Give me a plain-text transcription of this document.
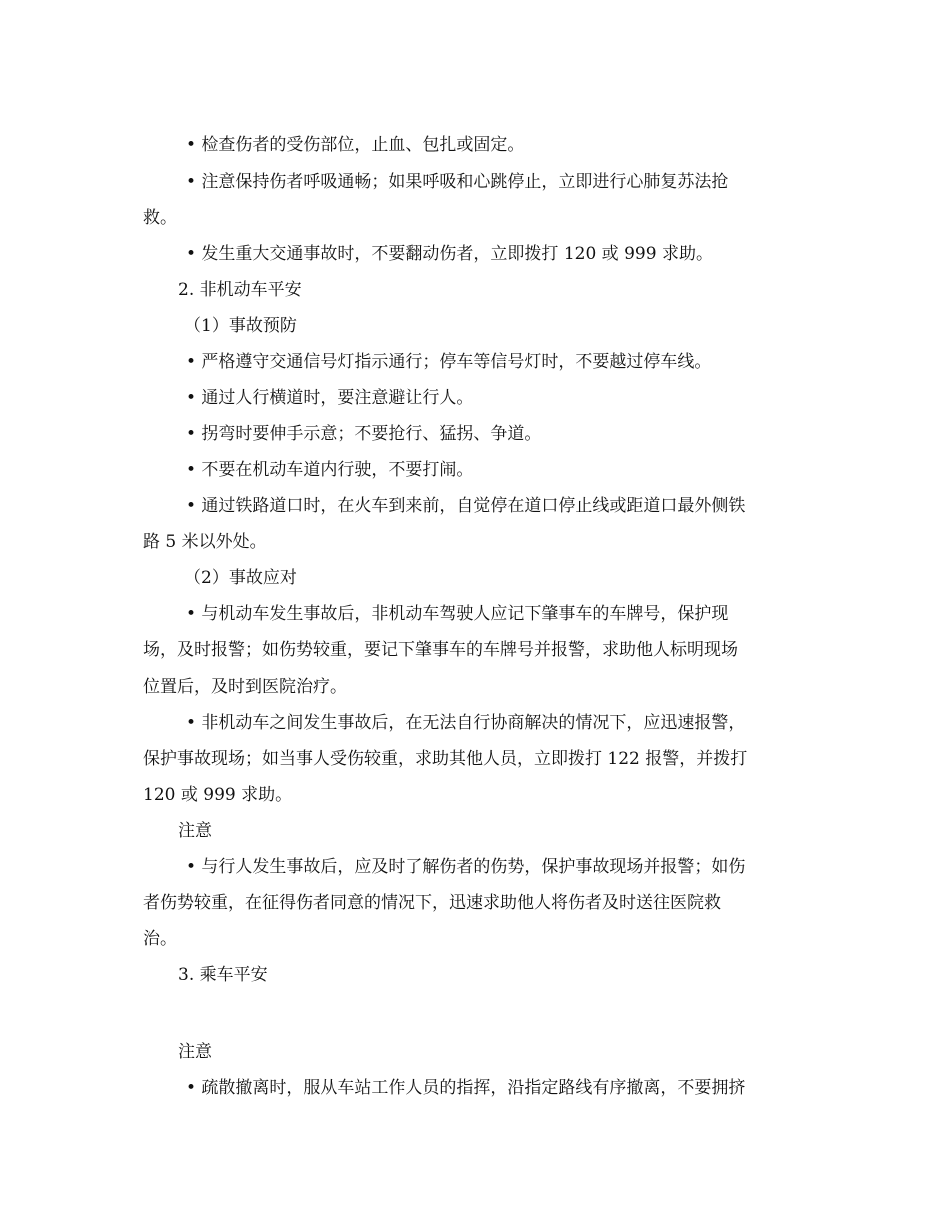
• 检查伤者的受伤部位，止血、包扎或固定。
• 注意保持伤者呼吸通畅；如果呼吸和心跳停止，立即进行心肺复苏法抢
救。
• 发生重大交通事故时，不要翻动伤者，立即拨打 120 或 999 求助。
2. 非机动车平安
（1）事故预防
• 严格遵守交通信号灯指示通行；停车等信号灯时，不要越过停车线。
• 通过人行横道时，要注意避让行人。
• 拐弯时要伸手示意；不要抢行、猛拐、争道。
• 不要在机动车道内行驶，不要打闹。
• 通过铁路道口时，在火车到来前，自觉停在道口停止线或距道口最外侧铁
路 5 米以外处。
（2）事故应对
• 与机动车发生事故后，非机动车驾驶人应记下肇事车的车牌号，保护现
场，及时报警；如伤势较重，要记下肇事车的车牌号并报警，求助他人标明现场
位置后，及时到医院治疗。
• 非机动车之间发生事故后，在无法自行协商解决的情况下，应迅速报警，
保护事故现场；如当事人受伤较重，求助其他人员，立即拨打 122 报警，并拨打
120 或 999 求助。
注意
• 与行人发生事故后，应及时了解伤者的伤势，保护事故现场并报警；如伤
者伤势较重，在征得伤者同意的情况下，迅速求助他人将伤者及时送往医院救
治。
3. 乘车平安
注意
• 疏散撤离时，服从车站工作人员的指挥，沿指定路线有序撤离，不要拥挤
